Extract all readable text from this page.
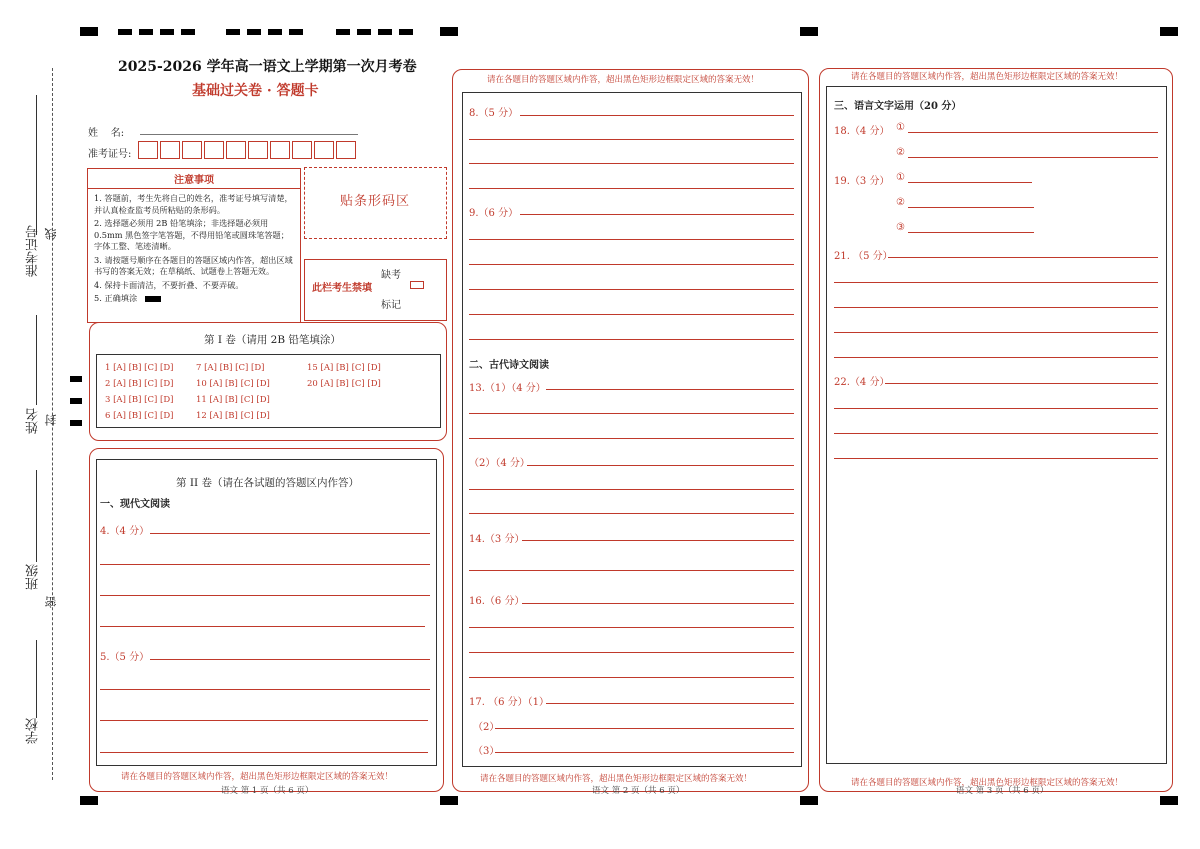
准考证号 线
姓名 封
班级
密
学校
2025-2026 学年高一语文上学期第一次月考卷
基础过关卷 · 答题卡
姓    名:
准考证号:
注意事项
1. 答题前，考生先将自己的姓名，准考证号填写清楚，并认真检查监考员所粘贴的条形码。
2. 选择题必须用 2B 铅笔填涂；非选择题必须用 0.5mm 黑色签字笔答题，不得用铅笔或圆珠笔答题；字体工整、笔迹清晰。
3. 请按题号顺序在各题目的答题区域内作答，超出区域书写的答案无效；在草稿纸、试题卷上答题无效。
4. 保持卡面清洁，不要折叠、不要弄破。
5. 正确填涂
贴条形码区
此栏考生禁填
缺考
标记
第 I 卷（请用 2B 铅笔填涂）
1 [A] [B] [C] [D]
2 [A] [B] [C] [D]
3 [A] [B] [C] [D]
6 [A] [B] [C] [D]
7 [A] [B] [C] [D]
10 [A] [B] [C] [D]
11 [A] [B] [C] [D]
12 [A] [B] [C] [D]
15 [A] [B] [C] [D]
20 [A] [B] [C] [D]
第 II 卷（请在各试题的答题区内作答）
一、现代文阅读
4.（4 分）
5.（5 分）
请在各题目的答题区域内作答，超出黑色矩形边框限定区域的答案无效！
语文 第 1 页（共 6 页）
请在各题目的答题区域内作答，超出黑色矩形边框限定区域的答案无效！
8.（5 分）
9.（6 分）
二、古代诗文阅读
13.（1）（4 分）
（2）（4 分）
14.（3 分）
16.（6 分）
17. （6 分）（1）
（2）
（3）
请在各题目的答题区域内作答，超出黑色矩形边框限定区域的答案无效！
语文 第 2 页（共 6 页）
请在各题目的答题区域内作答，超出黑色矩形边框限定区域的答案无效！
三、语言文字运用（20 分）
18.（4 分） ①
②
19.（3 分） ①
②
③
21. （5 分）
22.（4 分）
请在各题目的答题区域内作答，超出黑色矩形边框限定区域的答案无效！
语文 第 3 页（共 6 页）
